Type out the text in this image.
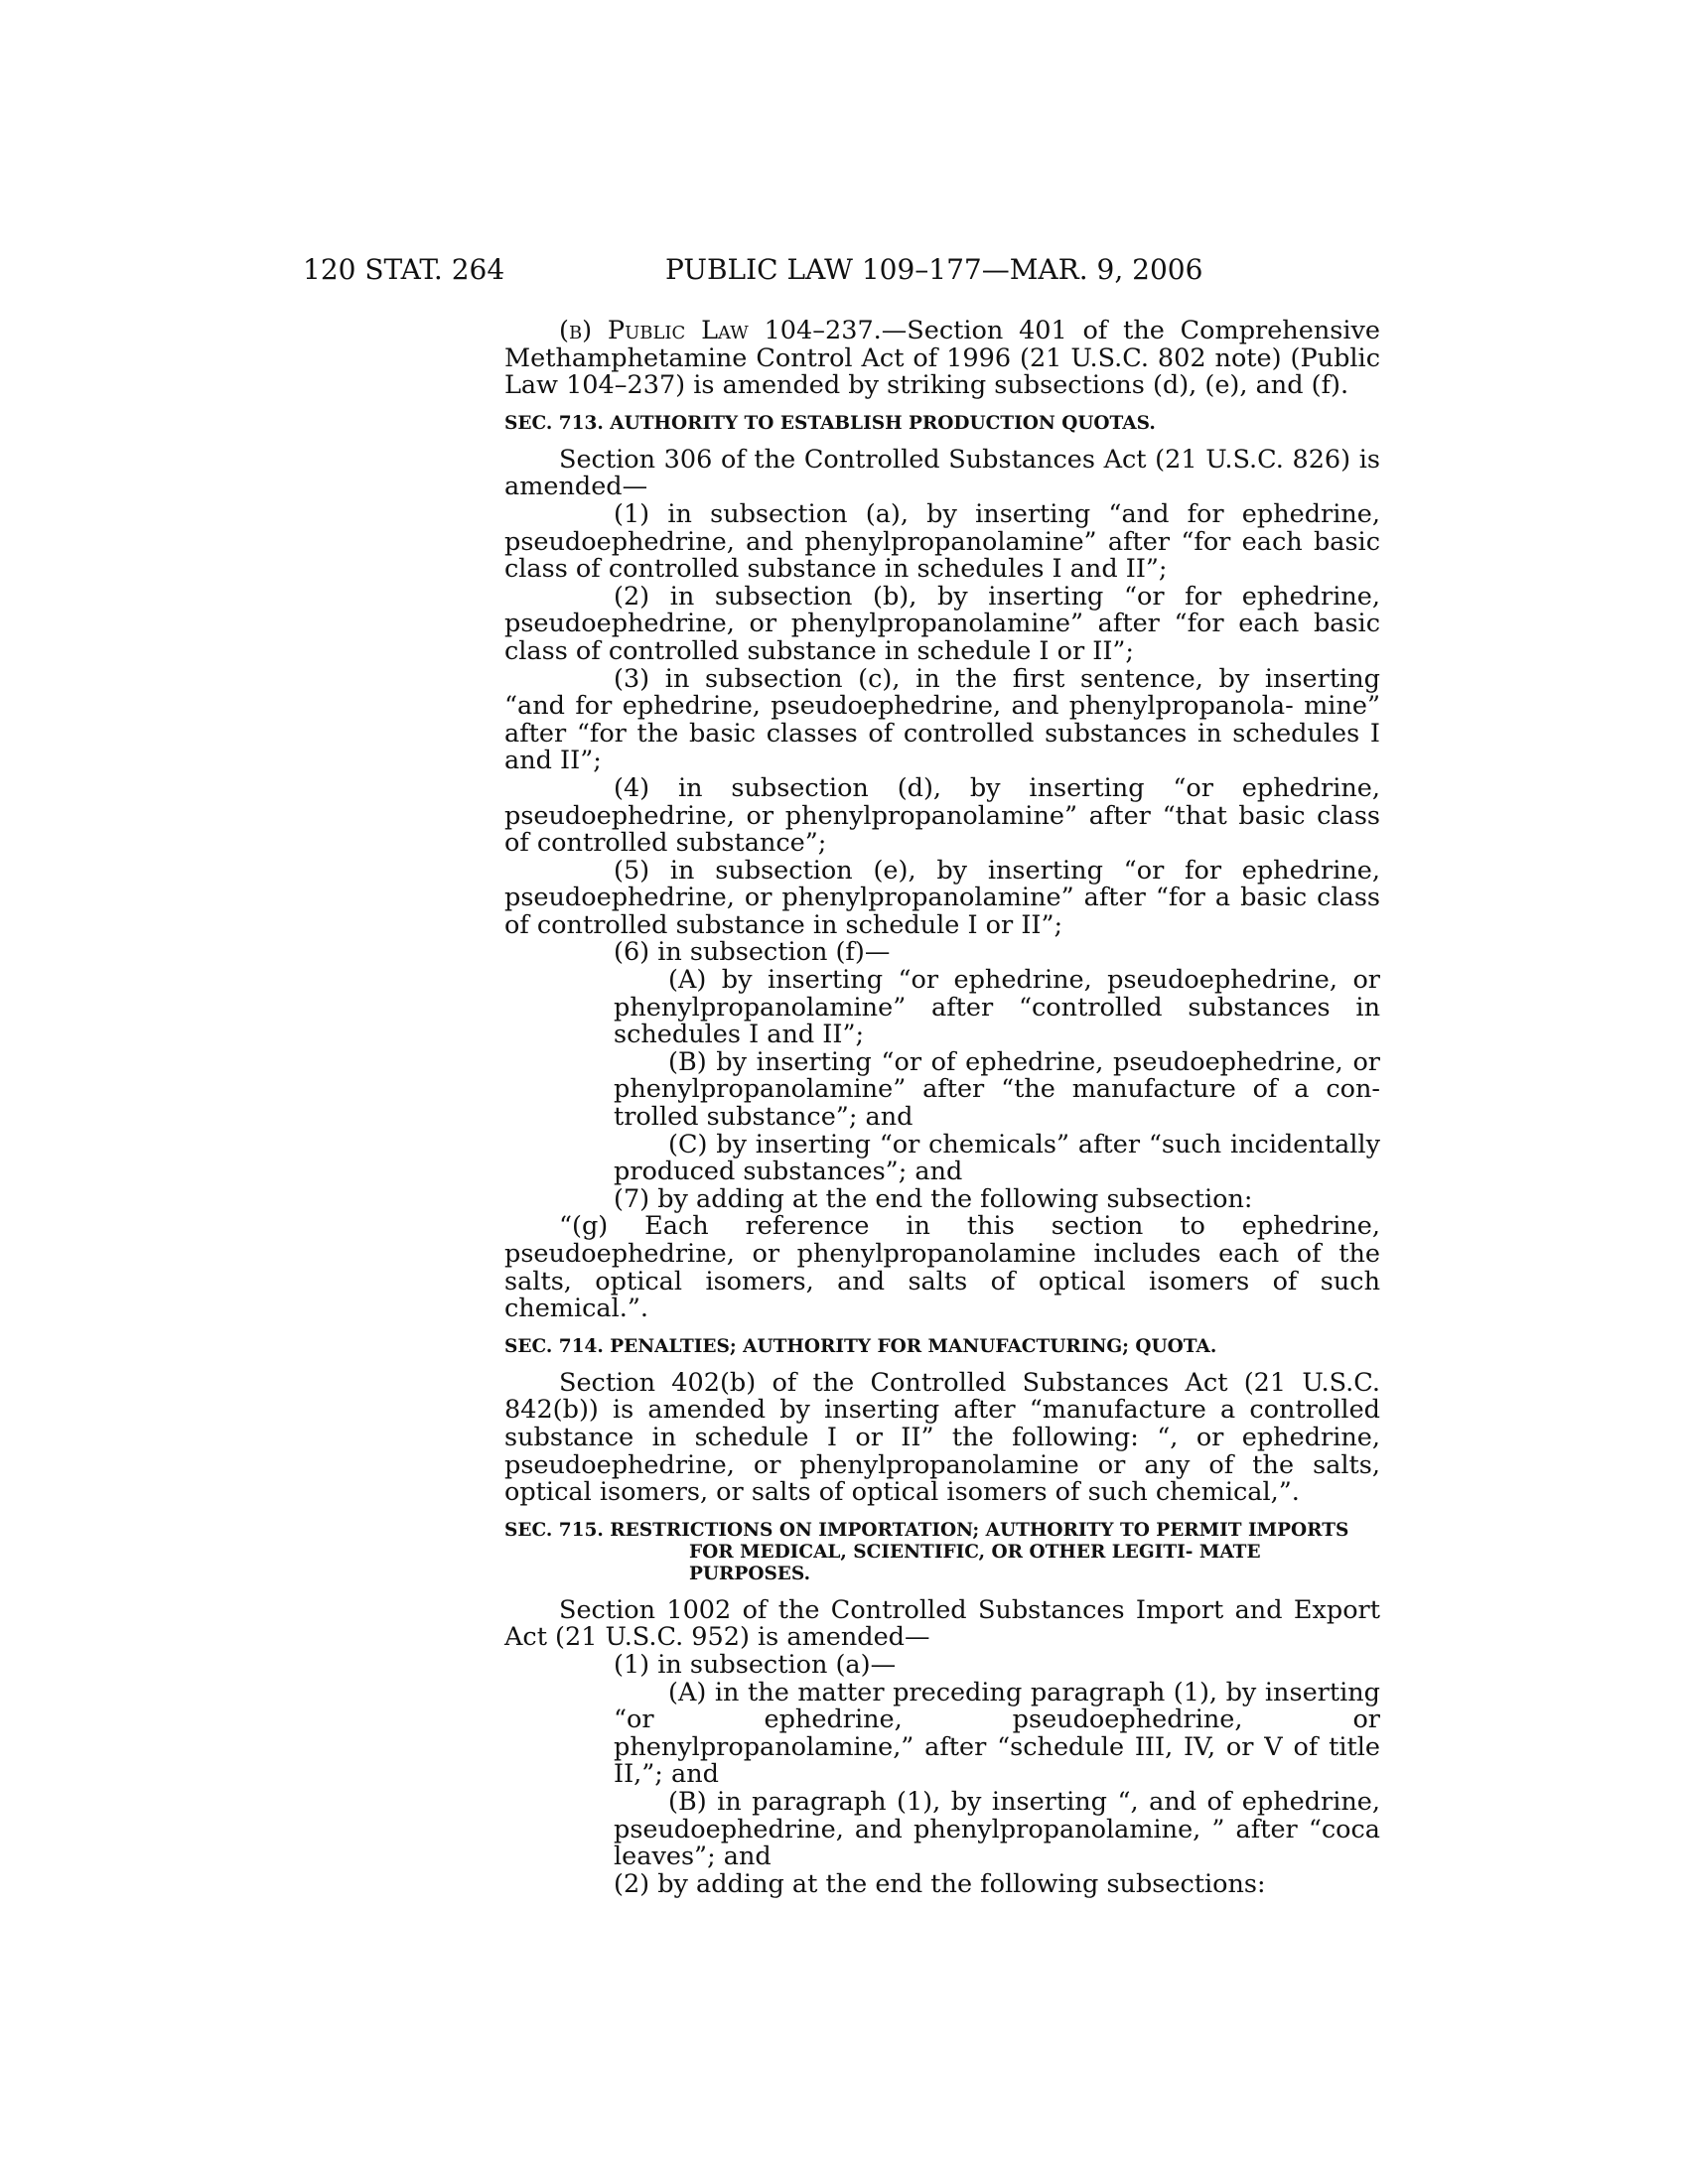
120 STAT. 264	PUBLIC LAW 109–177—MAR. 9, 2006

(b) Public Law 104–237.—Section 401 of the Comprehensive Methamphetamine Control Act of 1996 (21 U.S.C. 802 note) (Public Law 104–237) is amended by striking subsections (d), (e), and (f).

SEC. 713. AUTHORITY TO ESTABLISH PRODUCTION QUOTAS.

Section 306 of the Controlled Substances Act (21 U.S.C. 826) is amended—

(1) in subsection (a), by inserting “and for ephedrine, pseudoephedrine, and phenylpropanolamine” after “for each basic class of controlled substance in schedules I and II”;

(2) in subsection (b), by inserting “or for ephedrine, pseudoephedrine, or phenylpropanolamine” after “for each basic class of controlled substance in schedule I or II”;

(3) in subsection (c), in the first sentence, by inserting “and for ephedrine, pseudoephedrine, and phenylpropanola- mine” after “for the basic classes of controlled substances in schedules I and II”;

(4) in subsection (d), by inserting “or ephedrine, pseudoephedrine, or phenylpropanolamine” after “that basic class of controlled substance”;

(5) in subsection (e), by inserting “or for ephedrine, pseudoephedrine, or phenylpropanolamine” after “for a basic class of controlled substance in schedule I or II”;

(6) in subsection (f)—

(A) by inserting “or ephedrine, pseudoephedrine, or phenylpropanolamine” after “controlled substances in schedules I and II”;

(B) by inserting “or of ephedrine, pseudoephedrine, or phenylpropanolamine” after “the manufacture of a con- trolled substance”; and

(C) by inserting “or chemicals” after “such incidentally produced substances”; and

(7) by adding at the end the following subsection:

“(g) Each reference in this section to ephedrine, pseudoephedrine, or phenylpropanolamine includes each of the salts, optical isomers, and salts of optical isomers of such chemical.”.

SEC. 714. PENALTIES; AUTHORITY FOR MANUFACTURING; QUOTA.

Section 402(b) of the Controlled Substances Act (21 U.S.C. 842(b)) is amended by inserting after “manufacture a controlled substance in schedule I or II” the following: “, or ephedrine, pseudoephedrine, or phenylpropanolamine or any of the salts, optical isomers, or salts of optical isomers of such chemical,”.

SEC. 715. RESTRICTIONS ON IMPORTATION; AUTHORITY TO PERMIT IMPORTS FOR MEDICAL, SCIENTIFIC, OR OTHER LEGITI- MATE PURPOSES.

Section 1002 of the Controlled Substances Import and Export Act (21 U.S.C. 952) is amended—

(1) in subsection (a)—

(A) in the matter preceding paragraph (1), by inserting “or ephedrine, pseudoephedrine, or phenylpropanolamine,” after “schedule III, IV, or V of title II,”; and

(B) in paragraph (1), by inserting “, and of ephedrine, pseudoephedrine, and phenylpropanolamine, ” after “coca leaves”; and

(2) by adding at the end the following subsections:
